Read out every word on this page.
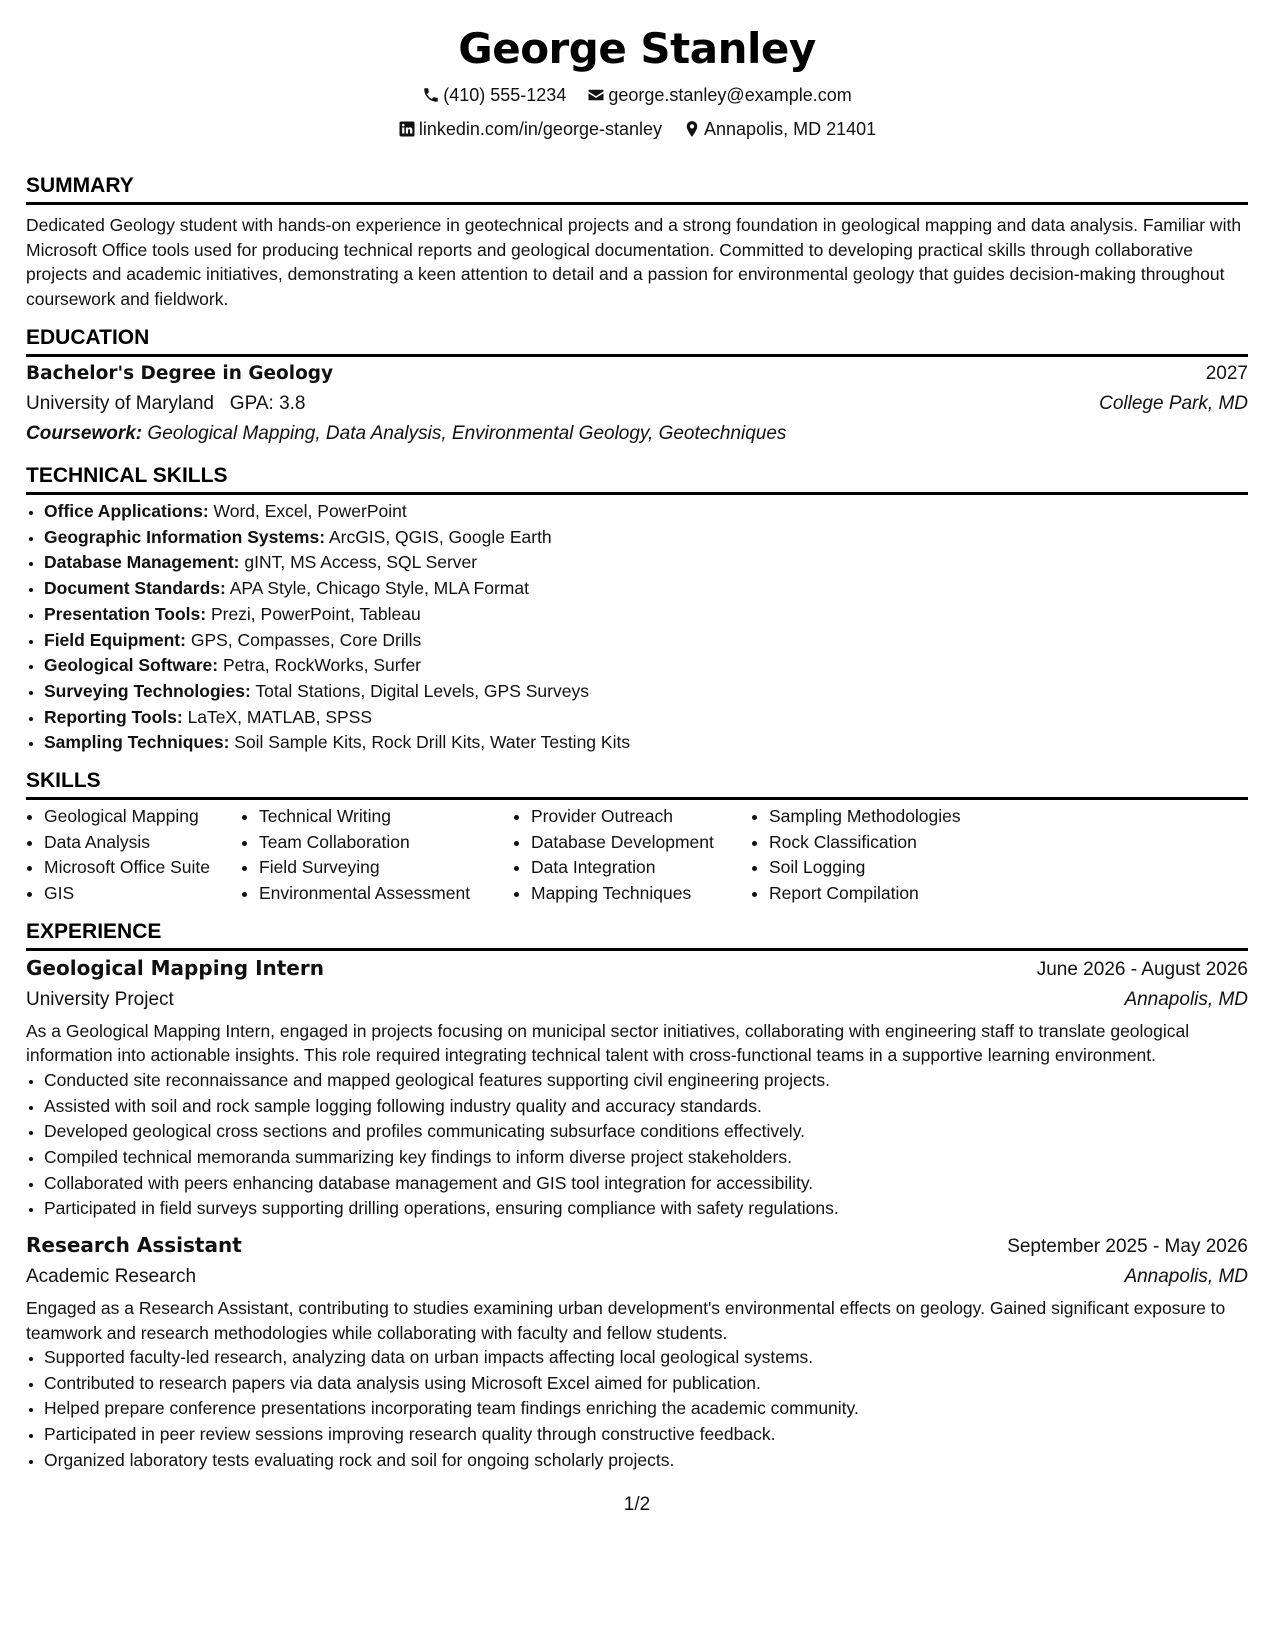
George Stanley
(410) 555-1234
george.stanley@example.com
linkedin.com/in/george-stanley
Annapolis, MD 21401
SUMMARY
Dedicated Geology student with hands-on experience in geotechnical projects and a strong foundation in geological mapping and data analysis. Familiar with Microsoft Office tools used for producing technical reports and geological documentation. Committed to developing practical skills through collaborative projects and academic initiatives, demonstrating a keen attention to detail and a passion for environmental geology that guides decision-making throughout coursework and fieldwork.
EDUCATION
Bachelor's Degree in Geology	2027
University of Maryland GPA: 3.8	College Park, MD
Coursework: Geological Mapping, Data Analysis, Environmental Geology, Geotechniques
TECHNICAL SKILLS
• Office Applications: Word, Excel, PowerPoint
• Geographic Information Systems: ArcGIS, QGIS, Google Earth
• Database Management: gINT, MS Access, SQL Server
• Document Standards: APA Style, Chicago Style, MLA Format
• Presentation Tools: Prezi, PowerPoint, Tableau
• Field Equipment: GPS, Compasses, Core Drills
• Geological Software: Petra, RockWorks, Surfer
• Surveying Technologies: Total Stations, Digital Levels, GPS Surveys
• Reporting Tools: LaTeX, MATLAB, SPSS
• Sampling Techniques: Soil Sample Kits, Rock Drill Kits, Water Testing Kits
SKILLS
• Geological Mapping
• Data Analysis
• Microsoft Office Suite
• GIS
• Technical Writing
• Team Collaboration
• Field Surveying
• Environmental Assessment
• Provider Outreach
• Database Development
• Data Integration
• Mapping Techniques
• Sampling Methodologies
• Rock Classification
• Soil Logging
• Report Compilation
EXPERIENCE
Geological Mapping Intern	June 2026 - August 2026
University Project	Annapolis, MD
As a Geological Mapping Intern, engaged in projects focusing on municipal sector initiatives, collaborating with engineering staff to translate geological information into actionable insights. This role required integrating technical talent with cross-functional teams in a supportive learning environment.
• Conducted site reconnaissance and mapped geological features supporting civil engineering projects.
• Assisted with soil and rock sample logging following industry quality and accuracy standards.
• Developed geological cross sections and profiles communicating subsurface conditions effectively.
• Compiled technical memoranda summarizing key findings to inform diverse project stakeholders.
• Collaborated with peers enhancing database management and GIS tool integration for accessibility.
• Participated in field surveys supporting drilling operations, ensuring compliance with safety regulations.
Research Assistant	September 2025 - May 2026
Academic Research	Annapolis, MD
Engaged as a Research Assistant, contributing to studies examining urban development's environmental effects on geology. Gained significant exposure to teamwork and research methodologies while collaborating with faculty and fellow students.
• Supported faculty-led research, analyzing data on urban impacts affecting local geological systems.
• Contributed to research papers via data analysis using Microsoft Excel aimed for publication.
• Helped prepare conference presentations incorporating team findings enriching the academic community.
• Participated in peer review sessions improving research quality through constructive feedback.
• Organized laboratory tests evaluating rock and soil for ongoing scholarly projects.
1/2
